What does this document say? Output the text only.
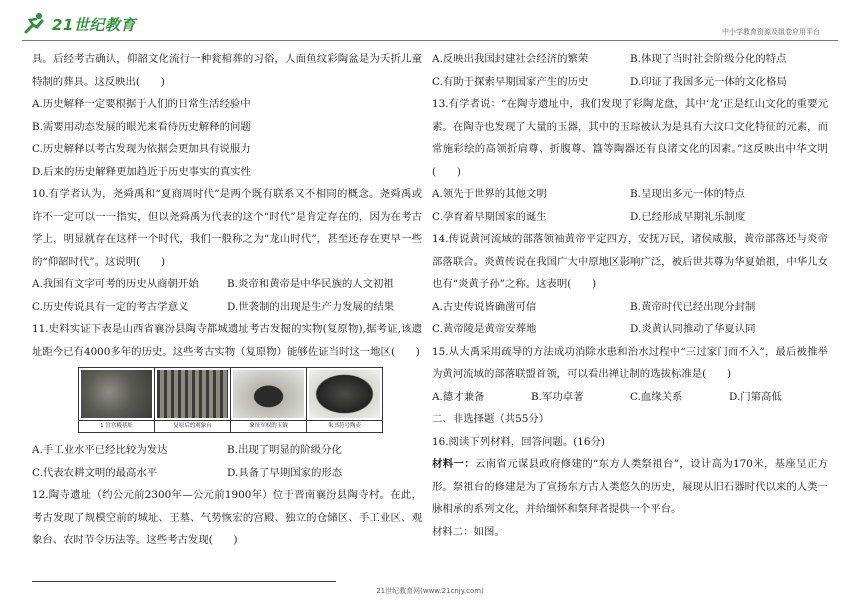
21世纪教育	中小学教育资源及组卷应用平台

具。后经考古确认，仰韶文化流行一种瓮棺葬的习俗，人面鱼纹彩陶盆是为夭折儿童特制的葬具。这反映出(　　)

A.历史解释一定要根据于人们的日常生活经验中

B.需要用动态发展的眼光来看待历史解释的问题

C.历史解释以考古发现为依据会更加具有说服力

D.后来的历史解释更加趋近于历史事实的真实性

10.有学者认为，尧舜禹和“夏商周时代”是两个既有联系又不相同的概念。尧舜禹或许不一定可以一一指实，但以尧舜禹为代表的这个“时代”是肯定存在的，因为在考古学上，明显就存在这样一个时代，我们一般称之为“龙山时代”，甚至还存在更早一些的“仰韶时代”。这说明(　　)

A.我国有文字可考的历史从商朝开始	B.炎帝和黄帝是中华民族的人文初祖
C.历史传说具有一定的考古学意义	D.世袭制的出现是生产力发展的结果

11.史料实证下表是山西省襄汾县陶寺都城遗址考古发掘的实物(复原物),据考证,该遗址距今已有4000多年的历史。这些考古实物（复原物）能够佐证当时这一地区(　　)

1 宫宫殿基址	复原后的观象台	象征军权的玉钺	朱书符号陶壶
A.手工业水平已经比较为发达	B.出现了明显的阶级分化
C.代表农耕文明的最高水平	D.具备了早期国家的形态

12.陶寺遗址（约公元前2300年—公元前1900年）位于晋南襄汾县陶寺村。在此，考古发现了规模空前的城址、王墓、气势恢宏的宫殿、独立的仓储区、手工业区、观象台、农时节令历法等。这些考古发现(　　)

A.反映出我国封建社会经济的繁荣	B.体现了当时社会阶级分化的特点
C.有助于探索早期国家产生的历史	D.印证了我国多元一体的文化格局

13.有学者说：“在陶寺遗址中，我们发现了彩陶龙盘，其中‘龙’正是红山文化的重要元素。在陶寺也发现了大量的玉器，其中的玉琮被认为是具有大汶口文化特征的元素，而常施彩绘的高领折肩尊、折腹尊、簋等陶器还有良渚文化的因素。”这反映出中华文明(　　)

A.领先于世界的其他文明	B.呈现出多元一体的特点
C.孕育着早期国家的诞生	D.已经形成早期礼乐制度

14.传说黄河流域的部落领袖黄帝平定四方，安抚万民，诸侯咸服，黄帝部落还与炎帝部落联合。炎黄传说在我国广大中原地区影响广泛，被后世共尊为华夏始祖，中华儿女也有“炎黄子孙”之称。这表明(　　)

A.古史传说皆确凿可信	B.黄帝时代已经出现分封制
C.黄帝陵是黄帝安葬地	D.炎黄认同推动了华夏认同

15.从大禹采用疏导的方法成功消除水患和治水过程中“三过家门而不入”，最后被推举为黄河流域的部落联盟首领，可以看出禅让制的选拔标准是(　　)

A.德才兼备	B.军功卓著	C.血缘关系	D.门第高低

二、非选择题（共55分）

16.阅读下列材料，回答问题。(16分)

材料一：云南省元谋县政府修建的“东方人类祭祖台”，设计高为170米，基座呈正方形。祭祖台的修建是为了宣扬东方古人类悠久的历史，展现从旧石器时代以来的人类一脉相承的系列文化，并给缅怀和祭拜者提供一个平台。

材料二：如图。

21世纪教育网(www.21cnjy.com)
